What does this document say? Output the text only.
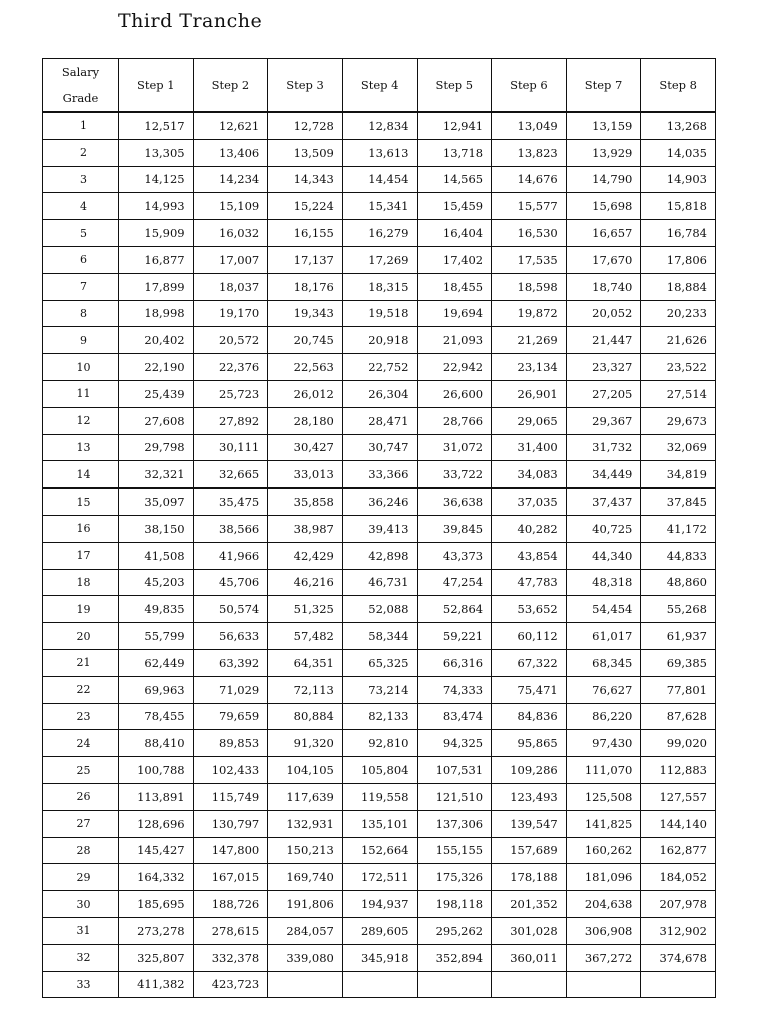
Third Tranche
Salary
Grade	Step 1	Step 2	Step 3	Step 4	Step 5	Step 6	Step 7	Step 8
1	12,517	12,621	12,728	12,834	12,941	13,049	13,159	13,268
2	13,305	13,406	13,509	13,613	13,718	13,823	13,929	14,035
3	14,125	14,234	14,343	14,454	14,565	14,676	14,790	14,903
4	14,993	15,109	15,224	15,341	15,459	15,577	15,698	15,818
5	15,909	16,032	16,155	16,279	16,404	16,530	16,657	16,784
6	16,877	17,007	17,137	17,269	17,402	17,535	17,670	17,806
7	17,899	18,037	18,176	18,315	18,455	18,598	18,740	18,884
8	18,998	19,170	19,343	19,518	19,694	19,872	20,052	20,233
9	20,402	20,572	20,745	20,918	21,093	21,269	21,447	21,626
10	22,190	22,376	22,563	22,752	22,942	23,134	23,327	23,522
11	25,439	25,723	26,012	26,304	26,600	26,901	27,205	27,514
12	27,608	27,892	28,180	28,471	28,766	29,065	29,367	29,673
13	29,798	30,111	30,427	30,747	31,072	31,400	31,732	32,069
14	32,321	32,665	33,013	33,366	33,722	34,083	34,449	34,819
15	35,097	35,475	35,858	36,246	36,638	37,035	37,437	37,845
16	38,150	38,566	38,987	39,413	39,845	40,282	40,725	41,172
17	41,508	41,966	42,429	42,898	43,373	43,854	44,340	44,833
18	45,203	45,706	46,216	46,731	47,254	47,783	48,318	48,860
19	49,835	50,574	51,325	52,088	52,864	53,652	54,454	55,268
20	55,799	56,633	57,482	58,344	59,221	60,112	61,017	61,937
21	62,449	63,392	64,351	65,325	66,316	67,322	68,345	69,385
22	69,963	71,029	72,113	73,214	74,333	75,471	76,627	77,801
23	78,455	79,659	80,884	82,133	83,474	84,836	86,220	87,628
24	88,410	89,853	91,320	92,810	94,325	95,865	97,430	99,020
25	100,788	102,433	104,105	105,804	107,531	109,286	111,070	112,883
26	113,891	115,749	117,639	119,558	121,510	123,493	125,508	127,557
27	128,696	130,797	132,931	135,101	137,306	139,547	141,825	144,140
28	145,427	147,800	150,213	152,664	155,155	157,689	160,262	162,877
29	164,332	167,015	169,740	172,511	175,326	178,188	181,096	184,052
30	185,695	188,726	191,806	194,937	198,118	201,352	204,638	207,978
31	273,278	278,615	284,057	289,605	295,262	301,028	306,908	312,902
32	325,807	332,378	339,080	345,918	352,894	360,011	367,272	374,678
33	411,382	423,723						
